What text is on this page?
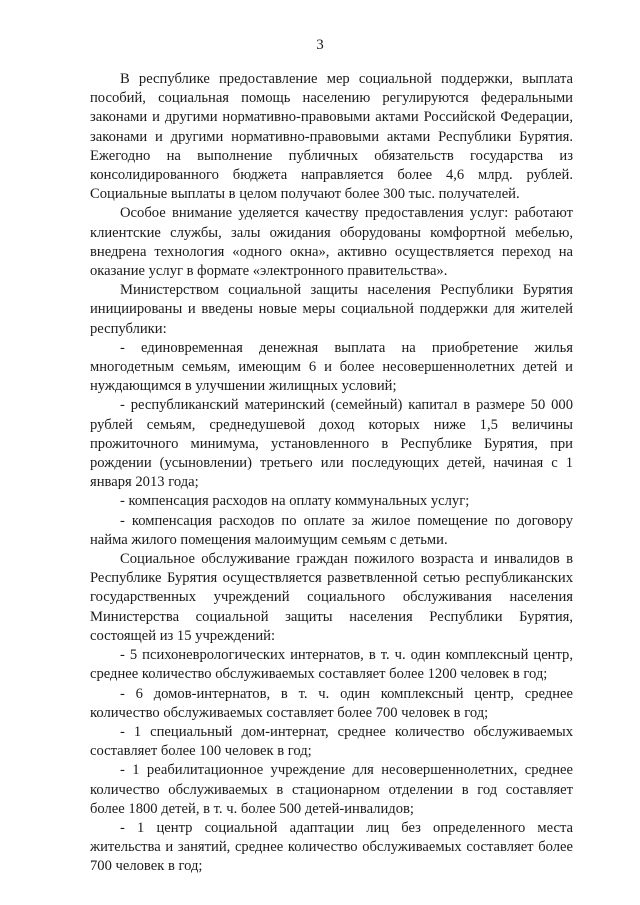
3

В республике предоставление мер социальной поддержки, выплата пособий, социальная помощь населению регулируются федеральными законами и другими нормативно-правовыми актами Российской Федерации, законами и другими нормативно-правовыми актами Республики Бурятия. Ежегодно на выполнение публичных обязательств государства из консолидированного бюджета направляется более 4,6 млрд. рублей. Социальные выплаты в целом получают более 300 тыс. получателей.

Особое внимание уделяется качеству предоставления услуг: работают клиентские службы, залы ожидания оборудованы комфортной мебелью, внедрена технология «одного окна», активно осуществляется переход на оказание услуг в формате «электронного правительства».

Министерством социальной защиты населения Республики Бурятия инициированы и введены новые меры социальной поддержки для жителей республики:

- единовременная денежная выплата на приобретение жилья многодетным семьям, имеющим 6 и более несовершеннолетних детей и нуждающимся в улучшении жилищных условий;

- республиканский материнский (семейный) капитал в размере 50 000 рублей семьям, среднедушевой доход которых ниже 1,5 величины прожиточного минимума, установленного в Республике Бурятия, при рождении (усыновлении) третьего или последующих детей, начиная с 1 января 2013 года;

- компенсация расходов на оплату коммунальных услуг;

- компенсация расходов по оплате за жилое помещение по договору найма жилого помещения малоимущим семьям с детьми.

Социальное обслуживание граждан пожилого возраста и инвалидов в Республике Бурятия осуществляется разветвленной сетью республиканских государственных учреждений социального обслуживания населения Министерства социальной защиты населения Республики Бурятия, состоящей из 15 учреждений:

- 5 психоневрологических интернатов, в т. ч. один комплексный центр, среднее количество обслуживаемых составляет более 1200 человек в год;

- 6 домов-интернатов, в т. ч. один комплексный центр, среднее количество обслуживаемых составляет более 700 человек в год;

- 1 специальный дом-интернат, среднее количество обслуживаемых составляет более 100 человек в год;

- 1 реабилитационное учреждение для несовершеннолетних, среднее количество обслуживаемых в стационарном отделении в год составляет более 1800 детей, в т. ч. более 500 детей-инвалидов;

- 1 центр социальной адаптации лиц без определенного места жительства и занятий, среднее количество обслуживаемых составляет более 700 человек в год;
